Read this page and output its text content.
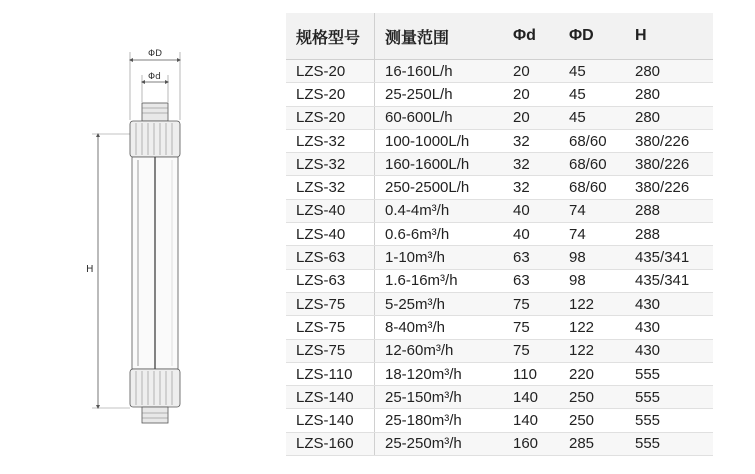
ΦD
Φd
H
规格型号	测量范围	Φd	ΦD	H
LZS-20	16-160L/h	20	45	280
LZS-20	25-250L/h	20	45	280
LZS-20	60-600L/h	20	45	280
LZS-32	100-1000L/h	32	68/60	380/226
LZS-32	160-1600L/h	32	68/60	380/226
LZS-32	250-2500L/h	32	68/60	380/226
LZS-40	0.4-4m³/h	40	74	288
LZS-40	0.6-6m³/h	40	74	288
LZS-63	1-10m³/h	63	98	435/341
LZS-63	1.6-16m³/h	63	98	435/341
LZS-75	5-25m³/h	75	122	430
LZS-75	8-40m³/h	75	122	430
LZS-75	12-60m³/h	75	122	430
LZS-110	18-120m³/h	110	220	555
LZS-140	25-150m³/h	140	250	555
LZS-140	25-180m³/h	140	250	555
LZS-160	25-250m³/h	160	285	555
